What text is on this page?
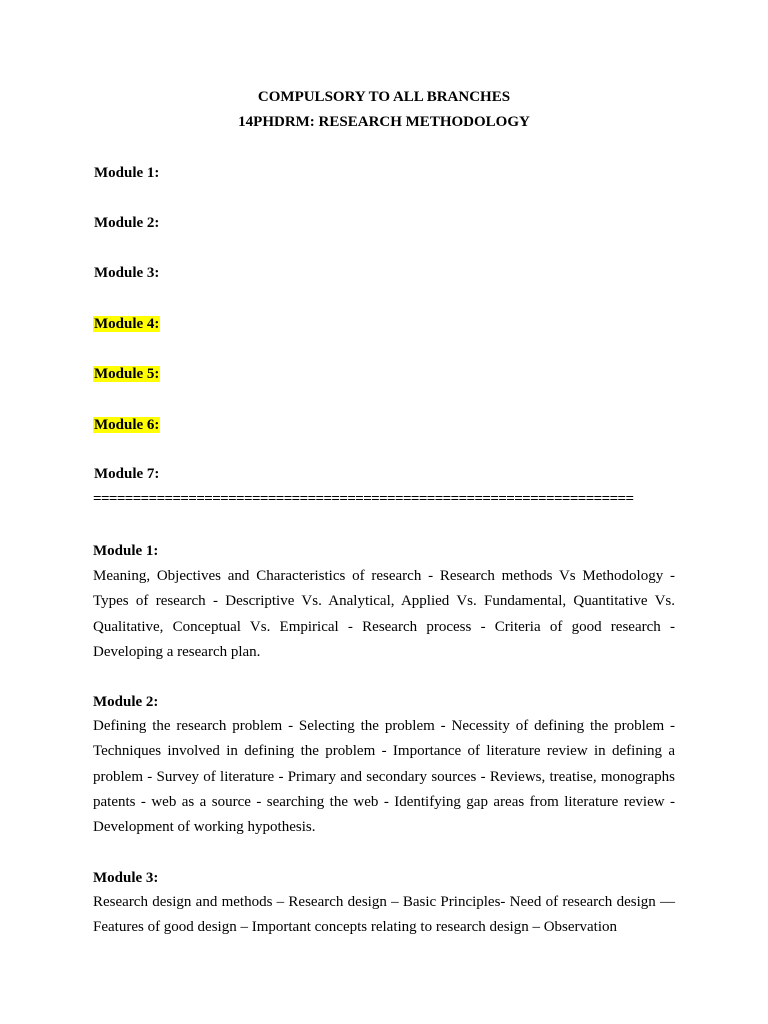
COMPULSORY TO ALL BRANCHES
14PHDRM: RESEARCH METHODOLOGY
Module 1:
Module 2:
Module 3:
Module 4:
Module 5:
Module 6:
Module 7:
====================================================================
Module 1:
Meaning, Objectives and Characteristics of research - Research methods Vs Methodology - Types of research - Descriptive Vs. Analytical, Applied Vs. Fundamental, Quantitative Vs. Qualitative, Conceptual Vs. Empirical - Research process - Criteria of good research - Developing a research plan.
Module 2:
Defining the research problem - Selecting the problem - Necessity of defining the problem - Techniques involved in defining the problem - Importance of literature review in defining a problem - Survey of literature - Primary and secondary sources - Reviews, treatise, monographs patents - web as a source - searching the web - Identifying gap areas from literature review - Development of working hypothesis.
Module 3:
Research design and methods – Research design – Basic Principles- Need of research design –– Features of good design – Important concepts relating to research design – Observation
